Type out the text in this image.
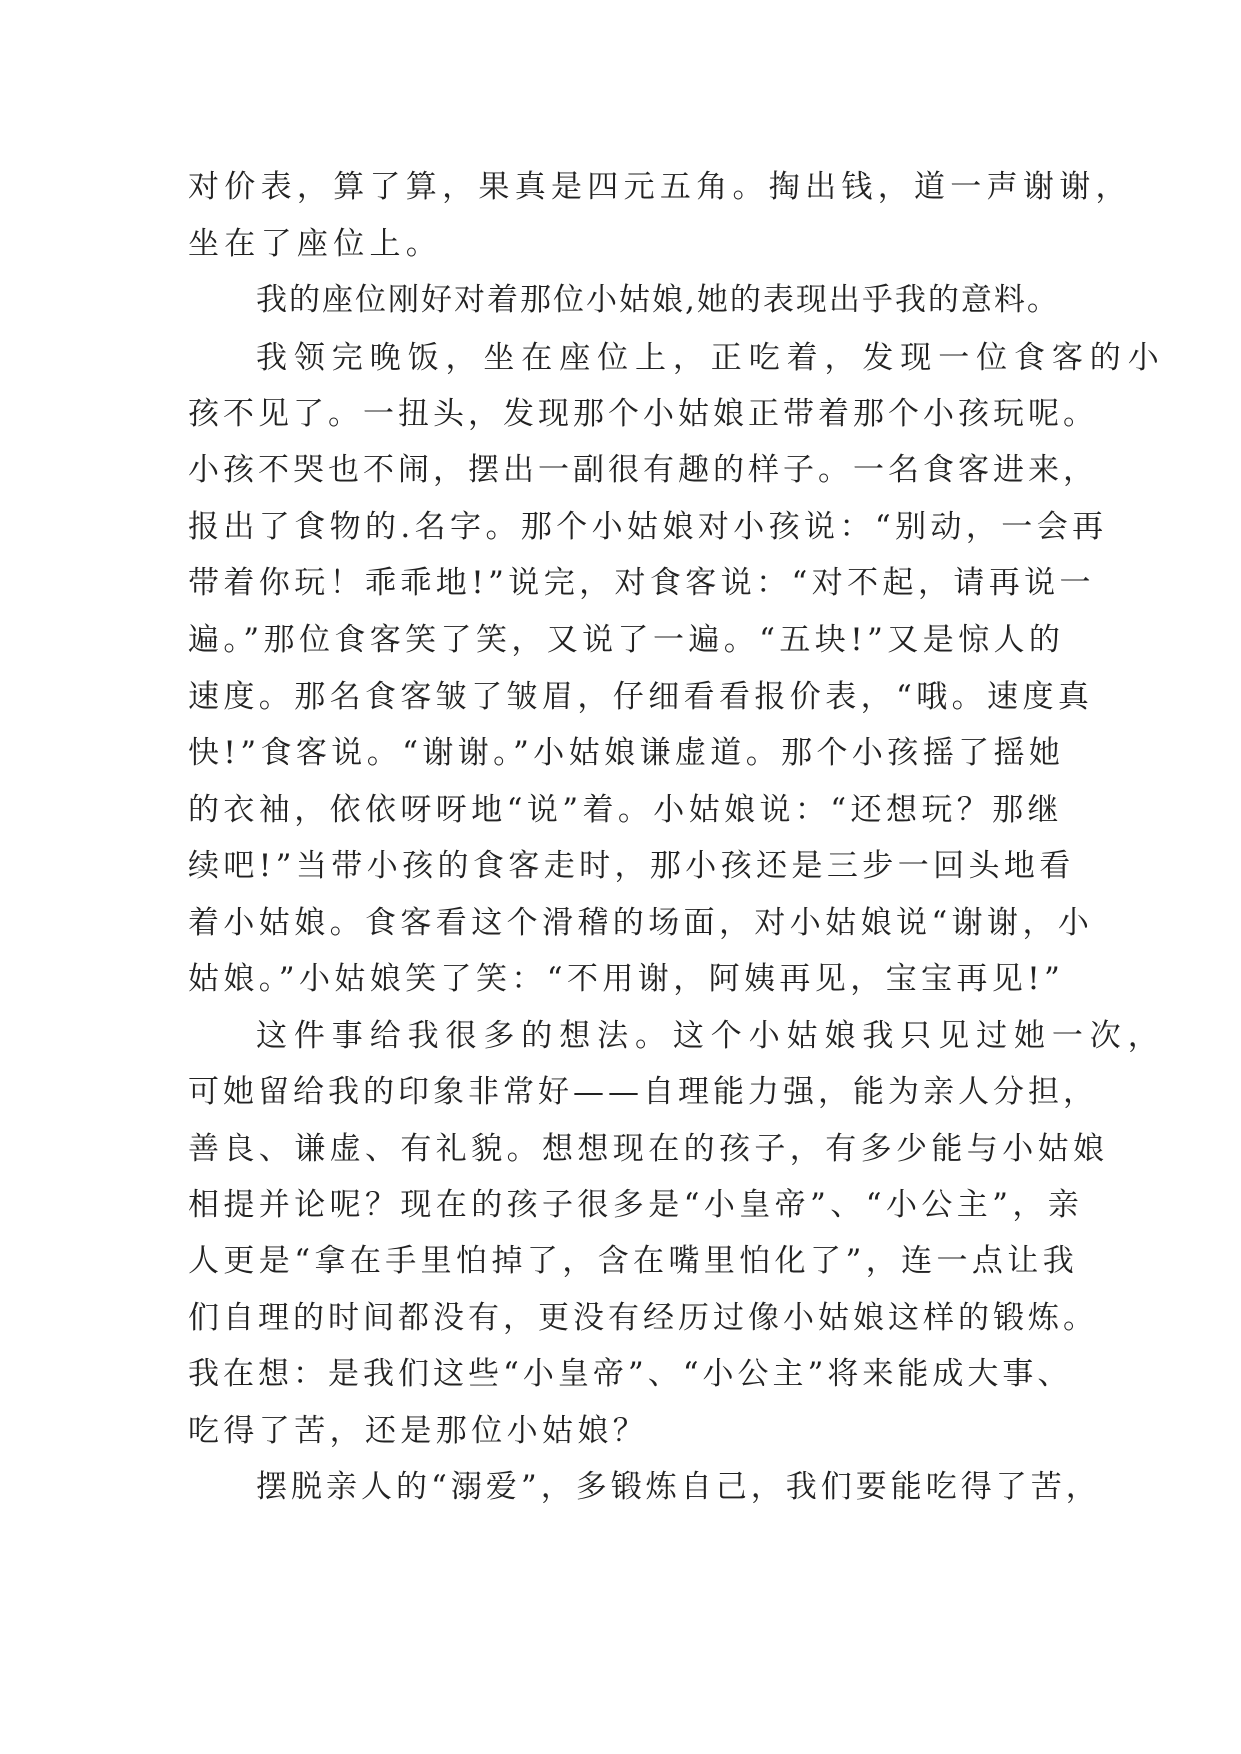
对价表，算了算，果真是四元五角。掏出钱，道一声谢谢，
坐在了座位上。
我的座位刚好对着那位小姑娘,她的表现出乎我的意料。
我领完晚饭，坐在座位上，正吃着，发现一位食客的小
孩不见了。一扭头，发现那个小姑娘正带着那个小孩玩呢。
小孩不哭也不闹，摆出一副很有趣的样子。一名食客进来，
报出了食物的.名字。那个小姑娘对小孩说：“别动，一会再
带着你玩！乖乖地!”说完，对食客说：“对不起，请再说一
遍。”那位食客笑了笑，又说了一遍。“五块!”又是惊人的
速度。那名食客皱了皱眉，仔细看看报价表，“哦。速度真
快!”食客说。“谢谢。”小姑娘谦虚道。那个小孩摇了摇她
的衣袖，依依呀呀地“说”着。小姑娘说：“还想玩？那继
续吧!”当带小孩的食客走时，那小孩还是三步一回头地看
着小姑娘。食客看这个滑稽的场面，对小姑娘说“谢谢，小
姑娘。”小姑娘笑了笑：“不用谢，阿姨再见，宝宝再见!”
这件事给我很多的想法。这个小姑娘我只见过她一次，
可她留给我的印象非常好——自理能力强，能为亲人分担，
善良、谦虚、有礼貌。想想现在的孩子，有多少能与小姑娘
相提并论呢？现在的孩子很多是“小皇帝”、“小公主”，亲
人更是“拿在手里怕掉了，含在嘴里怕化了”，连一点让我
们自理的时间都没有，更没有经历过像小姑娘这样的锻炼。
我在想：是我们这些“小皇帝”、“小公主”将来能成大事、
吃得了苦，还是那位小姑娘？
摆脱亲人的“溺爱”，多锻炼自己，我们要能吃得了苦，
